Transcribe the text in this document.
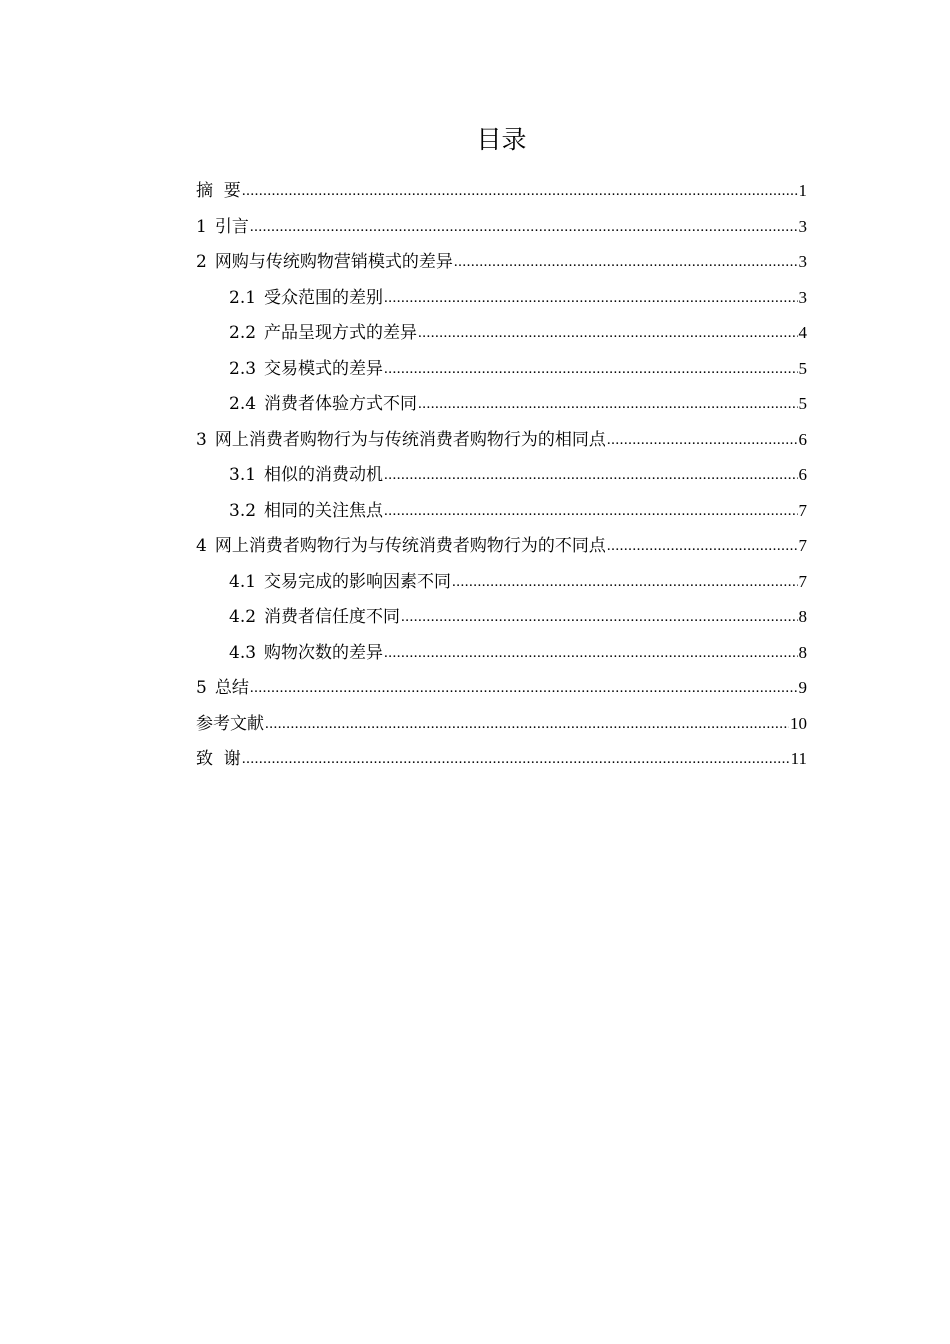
目录
摘  要 .....	1
1 引言 .....	3
2 网购与传统购物营销模式的差异 .....	3
2.1 受众范围的差别 .....	3
2.2 产品呈现方式的差异 .....	4
2.3 交易模式的差异 .....	5
2.4 消费者体验方式不同 .....	5
3 网上消费者购物行为与传统消费者购物行为的相同点 .....	6
3.1 相似的消费动机 .....	6
3.2 相同的关注焦点 .....	7
4 网上消费者购物行为与传统消费者购物行为的不同点 .....	7
4.1 交易完成的影响因素不同 .....	7
4.2 消费者信任度不同 .....	8
4.3 购物次数的差异 .....	8
5 总结 .....	9
参考文献 .....	10
致  谢 .....	11
